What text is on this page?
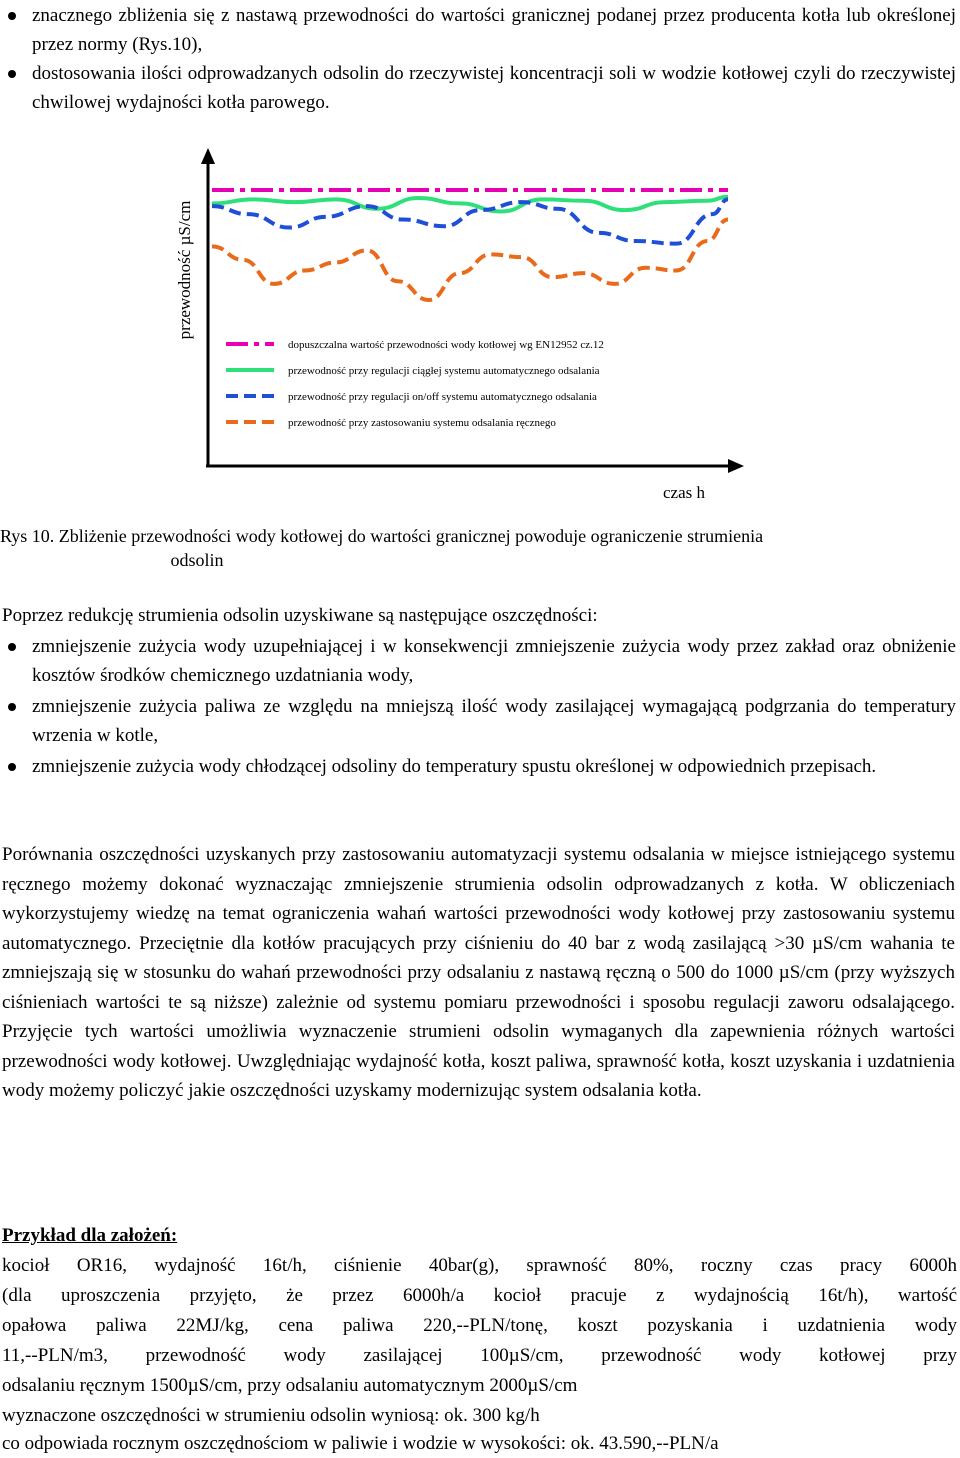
znacznego zbliżenia się z nastawą przewodności do wartości granicznej podanej przez producenta kotła lub określonej przez normy (Rys.10),
dostosowania ilości odprowadzanych odsolin do rzeczywistej koncentracji soli w wodzie kotłowej czyli do rzeczywistej chwilowej wydajności kotła parowego.
przewodność µS/cm
czas h
dopuszczalna wartość przewodności wody kotłowej wg EN12952 cz.12
przewodność przy regulacji ciągłej systemu automatycznego odsalania
przewodność przy regulacji on/off systemu automatycznego odsalania
przewodność przy zastosowaniu systemu odsalania ręcznego
Rys 10. Zbliżenie przewodności wody kotłowej do wartości granicznej powoduje ograniczenie strumienia
odsolin
Poprzez redukcję strumienia odsolin uzyskiwane są następujące oszczędności:
zmniejszenie zużycia wody uzupełniającej i w konsekwencji zmniejszenie zużycia wody przez zakład oraz obniżenie kosztów środków chemicznego uzdatniania wody,
zmniejszenie zużycia paliwa ze względu na mniejszą ilość wody zasilającej wymagającą podgrzania do temperatury wrzenia w kotle,
zmniejszenie zużycia wody chłodzącej odsoliny do temperatury spustu określonej w odpowiednich przepisach.
Porównania oszczędności uzyskanych przy zastosowaniu automatyzacji systemu odsalania w miejsce istniejącego systemu ręcznego możemy dokonać wyznaczając zmniejszenie strumienia odsolin odprowadzanych z kotła. W obliczeniach wykorzystujemy wiedzę na temat ograniczenia wahań wartości przewodności wody kotłowej przy zastosowaniu systemu automatycznego. Przeciętnie dla kotłów pracujących przy ciśnieniu do 40 bar z wodą zasilającą >30 µS/cm wahania te zmniejszają się w stosunku do wahań przewodności przy odsalaniu z nastawą ręczną o 500 do 1000 µS/cm (przy wyższych ciśnieniach wartości te są niższe) zależnie od systemu pomiaru przewodności i sposobu regulacji zaworu odsalającego. Przyjęcie tych wartości umożliwia wyznaczenie strumieni odsolin wymaganych dla zapewnienia różnych wartości przewodności wody kotłowej. Uwzględniając wydajność kotła, koszt paliwa, sprawność kotła, koszt uzyskania i uzdatnienia wody możemy policzyć jakie oszczędności uzyskamy modernizując system odsalania kotła.
Przykład dla założeń:
kocioł OR16, wydajność 16t/h, ciśnienie 40bar(g), sprawność 80%, roczny czas pracy 6000h
(dla uproszczenia przyjęto, że przez 6000h/a kocioł pracuje z wydajnością 16t/h), wartość
opałowa paliwa 22MJ/kg, cena paliwa 220,--PLN/tonę, koszt pozyskania i uzdatnienia wody
11,--PLN/m3, przewodność wody zasilającej 100µS/cm, przewodność wody kotłowej przy
odsalaniu ręcznym 1500µS/cm, przy odsalaniu automatycznym 2000µS/cm
wyznaczone oszczędności w strumieniu odsolin wyniosą: ok. 300 kg/h
co odpowiada rocznym oszczędnościom w paliwie i wodzie w wysokości: ok. 43.590,--PLN/a
